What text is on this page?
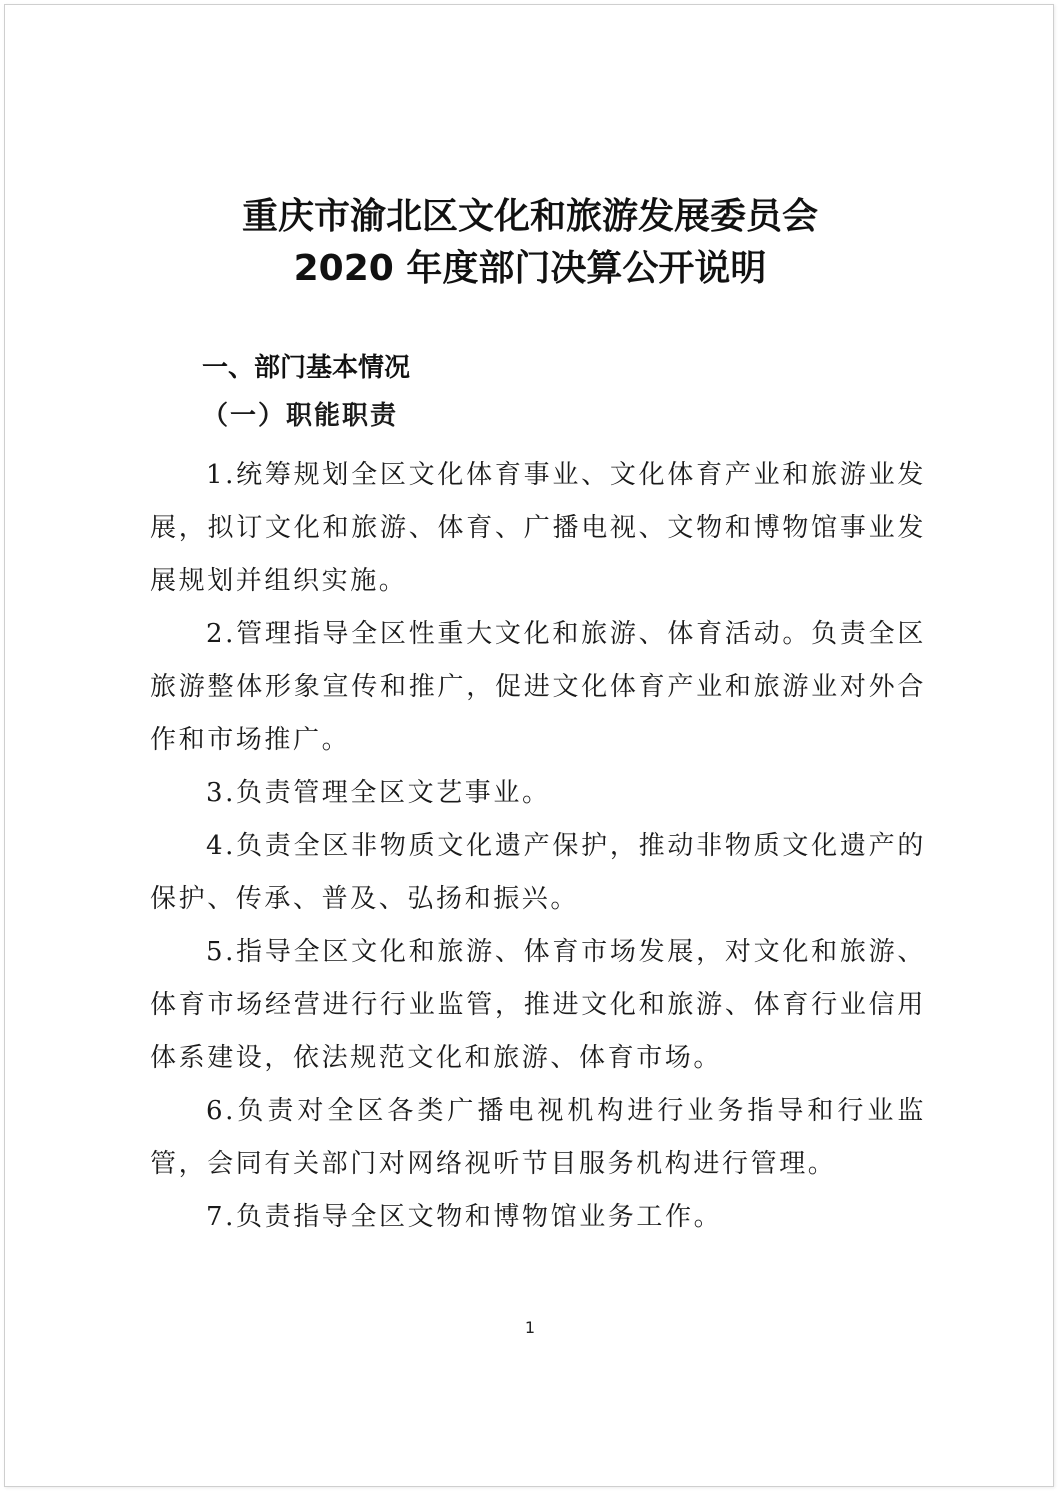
重庆市渝北区文化和旅游发展委员会
2020 年度部门决算公开说明
一、部门基本情况
（一）职能职责

1.统筹规划全区文化体育事业、文化体育产业和旅游业发展，拟订文化和旅游、体育、广播电视、文物和博物馆事业发展规划并组织实施。

2.管理指导全区性重大文化和旅游、体育活动。负责全区旅游整体形象宣传和推广，促进文化体育产业和旅游业对外合作和市场推广。

3.负责管理全区文艺事业。

4.负责全区非物质文化遗产保护，推动非物质文化遗产的保护、传承、普及、弘扬和振兴。

5.指导全区文化和旅游、体育市场发展，对文化和旅游、体育市场经营进行行业监管，推进文化和旅游、体育行业信用体系建设，依法规范文化和旅游、体育市场。

6.负责对全区各类广播电视机构进行业务指导和行业监管，会同有关部门对网络视听节目服务机构进行管理。

7.负责指导全区文物和博物馆业务工作。

1
